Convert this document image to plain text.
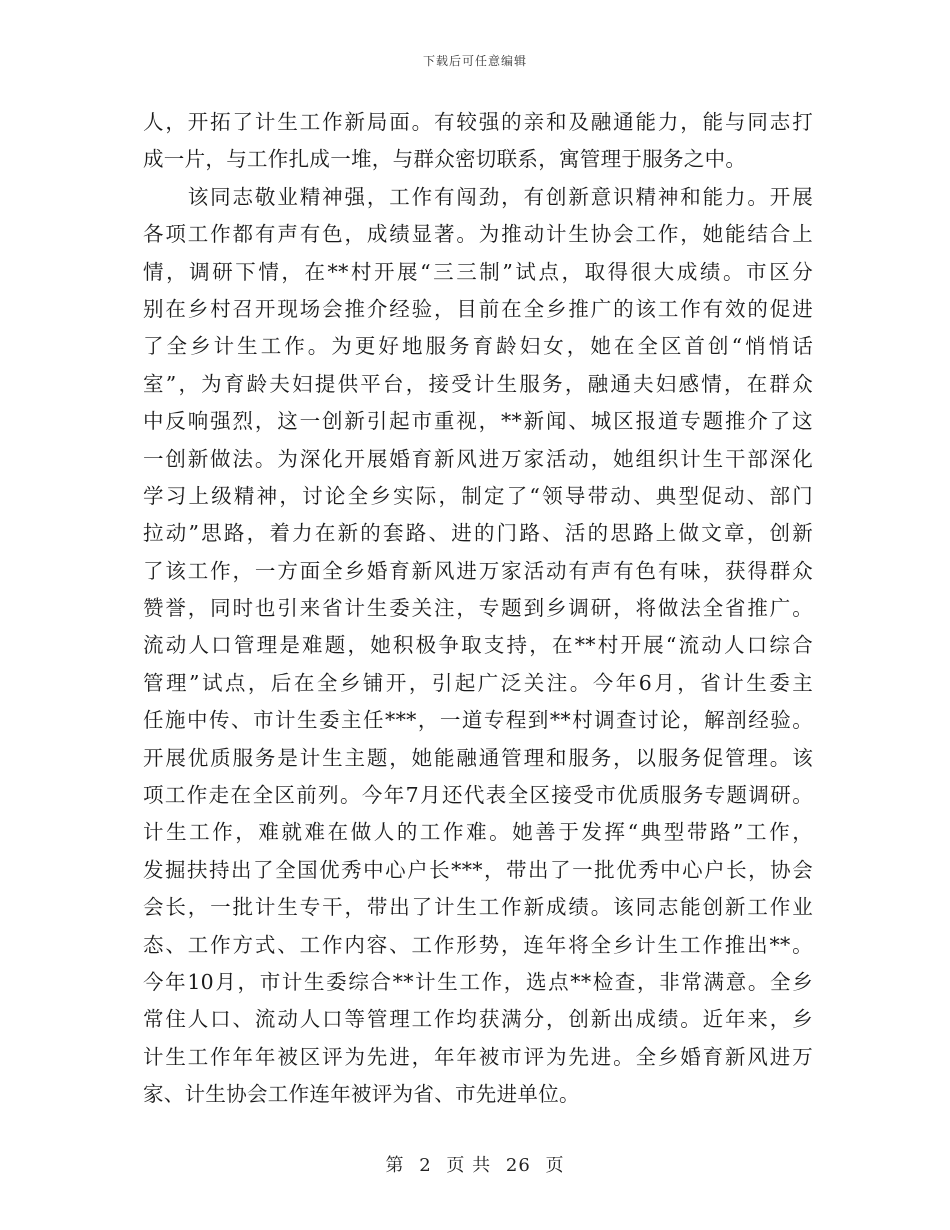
下载后可任意编辑
人，开拓了计生工作新局面。有较强的亲和及融通能力，能与同志打
成一片，与工作扎成一堆，与群众密切联系，寓管理于服务之中。
　　该同志敬业精神强，工作有闯劲，有创新意识精神和能力。开展
各项工作都有声有色，成绩显著。为推动计生协会工作，她能结合上
情，调研下情，在**村开展“三三制”试点，取得很大成绩。市区分
别在乡村召开现场会推介经验，目前在全乡推广的该工作有效的促进
了全乡计生工作。为更好地服务育龄妇女，她在全区首创“悄悄话
室”，为育龄夫妇提供平台，接受计生服务，融通夫妇感情，在群众
中反响强烈，这一创新引起市重视，**新闻、城区报道专题推介了这
一创新做法。为深化开展婚育新风进万家活动，她组织计生干部深化
学习上级精神，讨论全乡实际，制定了“领导带动、典型促动、部门
拉动”思路，着力在新的套路、进的门路、活的思路上做文章，创新
了该工作，一方面全乡婚育新风进万家活动有声有色有味，获得群众
赞誉，同时也引来省计生委关注，专题到乡调研，将做法全省推广。
流动人口管理是难题，她积极争取支持，在**村开展“流动人口综合
管理”试点，后在全乡铺开，引起广泛关注。今年6月，省计生委主
任施中传、市计生委主任***，一道专程到**村调查讨论，解剖经验。
开展优质服务是计生主题，她能融通管理和服务，以服务促管理。该
项工作走在全区前列。今年7月还代表全区接受市优质服务专题调研。
计生工作，难就难在做人的工作难。她善于发挥“典型带路”工作，
发掘扶持出了全国优秀中心户长***，带出了一批优秀中心户长，协会
会长，一批计生专干，带出了计生工作新成绩。该同志能创新工作业
态、工作方式、工作内容、工作形势，连年将全乡计生工作推出**。
今年10月，市计生委综合**计生工作，选点**检查，非常满意。全乡
常住人口、流动人口等管理工作均获满分，创新出成绩。近年来，乡
计生工作年年被区评为先进，年年被市评为先进。全乡婚育新风进万
家、计生协会工作连年被评为省、市先进单位。
第 2 页 共 26 页
